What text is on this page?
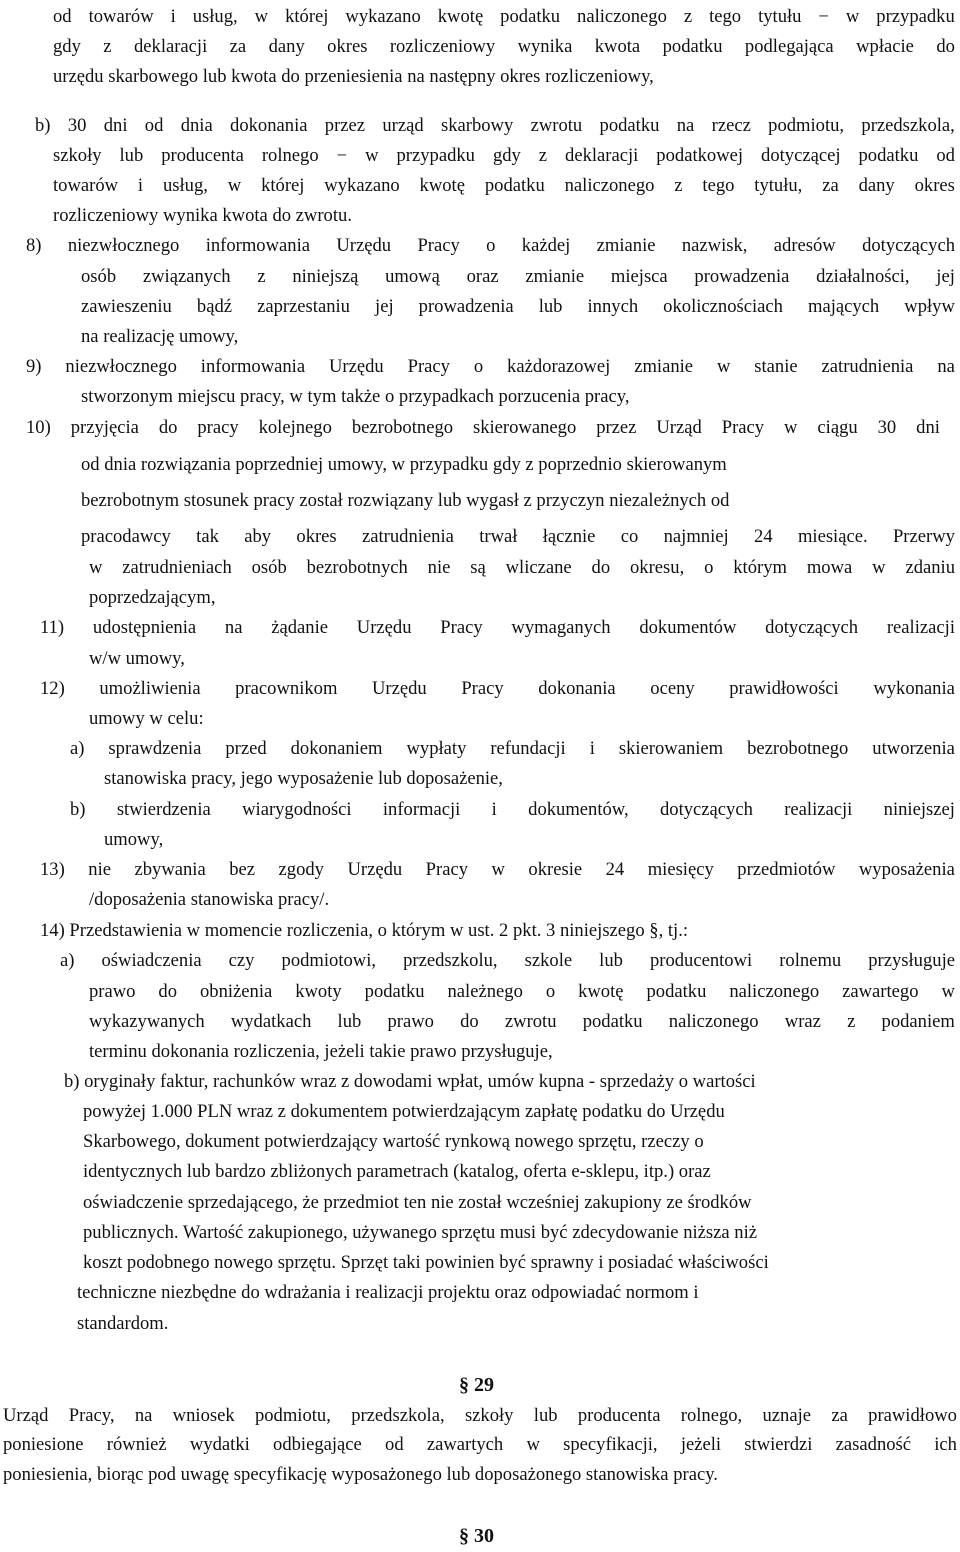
od towarów i usług, w której wykazano kwotę podatku naliczonego z tego tytułu − w przypadku
gdy z deklaracji za dany okres rozliczeniowy wynika kwota podatku podlegająca wpłacie do
urzędu skarbowego lub kwota do przeniesienia na następny okres rozliczeniowy,
b) 30 dni od dnia dokonania przez urząd skarbowy zwrotu podatku na rzecz podmiotu, przedszkola,
szkoły lub producenta rolnego − w przypadku gdy z deklaracji podatkowej dotyczącej podatku od
towarów i usług, w której wykazano kwotę podatku naliczonego z tego tytułu, za dany okres
rozliczeniowy wynika kwota do zwrotu.
8) niezwłocznego informowania Urzędu Pracy o każdej zmianie nazwisk, adresów dotyczących
osób związanych z niniejszą umową oraz zmianie miejsca prowadzenia działalności, jej
zawieszeniu bądź zaprzestaniu jej prowadzenia lub innych okolicznościach mających wpływ
na realizację umowy,
9) niezwłocznego informowania Urzędu Pracy o każdorazowej zmianie w stanie zatrudnienia na
stworzonym miejscu pracy, w tym także o przypadkach porzucenia pracy,
10) przyjęcia do pracy kolejnego bezrobotnego skierowanego przez Urząd Pracy w ciągu 30 dni
od dnia rozwiązania poprzedniej umowy, w przypadku gdy z poprzednio skierowanym
bezrobotnym stosunek pracy został rozwiązany lub wygasł z przyczyn niezależnych od
pracodawcy tak aby okres zatrudnienia trwał łącznie co najmniej 24 miesiące. Przerwy
w zatrudnieniach osób bezrobotnych nie są wliczane do okresu, o którym mowa w zdaniu
poprzedzającym,
11) udostępnienia na żądanie Urzędu Pracy wymaganych dokumentów dotyczących realizacji
w/w umowy,
12) umożliwienia pracownikom Urzędu Pracy dokonania oceny prawidłowości wykonania
umowy w celu:
a) sprawdzenia przed dokonaniem wypłaty refundacji i skierowaniem bezrobotnego utworzenia
stanowiska pracy, jego wyposażenie lub doposażenie,
b) stwierdzenia wiarygodności informacji i dokumentów, dotyczących realizacji niniejszej
umowy,
13) nie zbywania bez zgody Urzędu Pracy w okresie 24 miesięcy przedmiotów wyposażenia
/doposażenia stanowiska pracy/.
14) Przedstawienia w momencie rozliczenia, o którym w ust. 2 pkt. 3 niniejszego §, tj.:
a) oświadczenia czy podmiotowi, przedszkolu, szkole lub producentowi rolnemu przysługuje
prawo do obniżenia kwoty podatku należnego o kwotę podatku naliczonego zawartego w
wykazywanych wydatkach lub prawo do zwrotu podatku naliczonego wraz z podaniem
terminu dokonania rozliczenia, jeżeli takie prawo przysługuje,
b) oryginały faktur, rachunków wraz z dowodami wpłat, umów kupna - sprzedaży o wartości
powyżej 1.000 PLN wraz z dokumentem potwierdzającym zapłatę podatku do Urzędu
Skarbowego, dokument potwierdzający wartość rynkową nowego sprzętu, rzeczy o
identycznych lub bardzo zbliżonych parametrach (katalog, oferta e-sklepu, itp.) oraz
oświadczenie sprzedającego, że przedmiot ten nie został wcześniej zakupiony ze środków
publicznych. Wartość zakupionego, używanego sprzętu musi być zdecydowanie niższa niż
koszt podobnego nowego sprzętu. Sprzęt taki powinien być sprawny i posiadać właściwości
techniczne niezbędne do wdrażania i realizacji projektu oraz odpowiadać normom i
standardom.
§ 29
Urząd Pracy, na wniosek podmiotu, przedszkola, szkoły lub producenta rolnego, uznaje za prawidłowo
poniesione również wydatki odbiegające od zawartych w specyfikacji, jeżeli stwierdzi zasadność ich
poniesienia, biorąc pod uwagę specyfikację wyposażonego lub doposażonego stanowiska pracy.
§ 30
